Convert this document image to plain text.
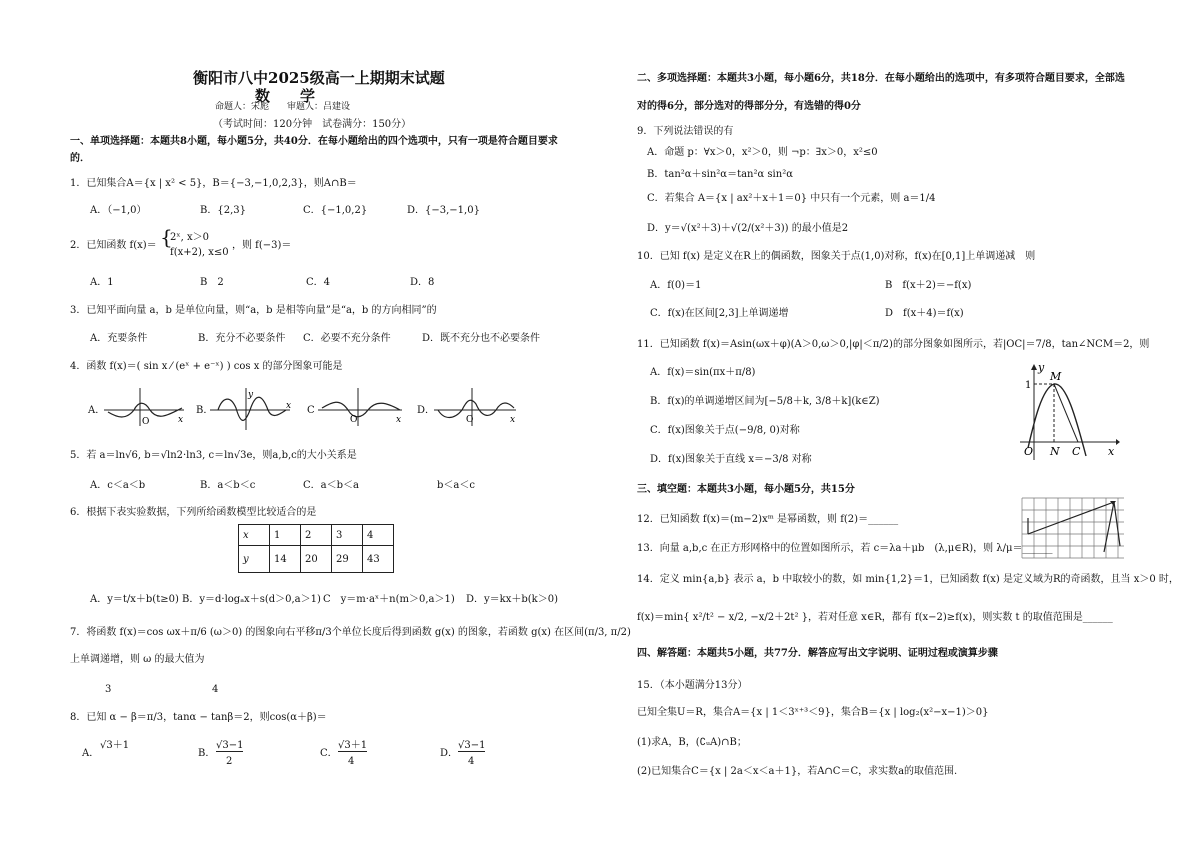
衡阳市八中2025级高一上期期末试题
数学
命题人：宋彪　　审题人：吕建设
（考试时间：120分钟　试卷满分：150分）
一、单项选择题：本题共8小题，每小题5分，共40分．在每小题给出的四个选项中，只有一项是符合题目要求
的．
1．已知集合A＝{x | x² < 5}，B＝{−3,−1,0,2,3}，则A∩B＝
A．（−1,0）	B．{2,3}	C．{−1,0,2}	D．{−3,−1,0}
2．已知函数 f(x)＝ {
2ˣ, x＞0
f(x+2), x≤0
，则 f(−3)＝
A．1	B　2	C．4	D．8
3．已知平面向量 a，b 是单位向量，则“a，b 是相等向量”是“a，b 的方向相同”的
A．充要条件	B．充分不必要条件 C．必要不充分条件	D．既不充分也不必要条件
4．函数 f(x)＝( sin x ⁄ (eˣ + e⁻ˣ) ) cos x 的部分图象可能是
A．
O	x
B．
y
x C
O	x
D．
O	x
5．若 a＝ln√6, b＝√ln2·ln3, c＝ln√3e，则a,b,c的大小关系是
A．c＜a＜b	B．a＜b＜c	C．a＜b＜a	b＜a＜c
6．根据下表实验数据，下列所给函数模型比较适合的是
x	1	2	3	4
y	14	20	29	43
A．y＝t/x＋b(t≥0) B．y＝d·logₐx＋s(d＞0,a＞1) C　y＝m·aˣ＋n(m＞0,a＞1) D．y＝kx＋b(k＞0)
7．将函数 f(x)＝cos ωx＋π/6 (ω＞0) 的图象向右平移π/3个单位长度后得到函数 g(x) 的图象，若函数 g(x) 在区间(π/3, π/2)
上单调递增，则 ω 的最大值为
3	4
8．已知 α − β＝π/3，tanα − tanβ＝2，则cos(α＋β)＝
A．
√3＋1
B．
√3−1
2
C．
√3＋1
4
D．
√3−1
4
二、多项选择题：本题共3小题，每小题6分，共18分．在每小题给出的选项中，有多项符合题目要求，全部选
对的得6分，部分选对的得部分分，有选错的得0分
9．下列说法错误的有
A．命题 p：∀x＞0，x²＞0，则 ¬p：∃x＞0，x²≤0
B．tan²α＋sin²α＝tan²α sin²α
C．若集合 A＝{x | ax²＋x＋1＝0} 中只有一个元素，则 a＝1/4
D．y＝√(x²＋3)＋√(2/(x²＋3)) 的最小值是2
10．已知 f(x) 是定义在R上的偶函数，图象关于点(1,0)对称，f(x)在[0,1]上单调递减　则
A．f(0)＝1	B　f(x＋2)＝−f(x)
C．f(x)在区间[2,3]上单调递增	D　f(x＋4)＝f(x)
11．已知函数 f(x)＝Asin(ωx＋φ)(A＞0,ω＞0,|φ|＜π/2)的部分图象如图所示，若|OC|＝7/8，tan∠NCM＝2，则
A．f(x)＝sin(πx＋π/8)
B．f(x)的单调递增区间为[−5/8＋k, 3/8＋k](k∈Z)
C．f(x)图象关于点(−9/8, 0)对称
D．f(x)图象关于直线 x＝−3/8 对称
y
M
1
O N C	x
三、填空题：本题共3小题，每小题5分，共15分
12．已知函数 f(x)＝(m−2)xᵐ 是幂函数，则 f(2)＝______
13．向量 a,b,c 在正方形网格中的位置如图所示，若 c＝λa＋μb　(λ,μ∈R)，则 λ/μ＝______
14．定义 min{a,b} 表示 a，b 中取较小的数，如 min{1,2}＝1，已知函数 f(x) 是定义域为R的奇函数，且当 x＞0 时，
f(x)＝min{ x²/t² − x/2, −x/2＋2t² }，若对任意 x∈R，都有 f(x−2)≥f(x)，则实数 t 的取值范围是______
四、解答题：本题共5小题，共77分．解答应写出文字说明、证明过程或演算步骤
15．（本小题满分13分）
已知全集U＝R，集合A＝{x | 1＜3ˣ⁺³＜9}，集合B＝{x | log₂(x²−x−1)＞0}
(1)求A，B，(∁ᵤA)∩B；
(2)已知集合C＝{x | 2a＜x＜a＋1}，若A∩C＝C，求实数a的取值范围.
